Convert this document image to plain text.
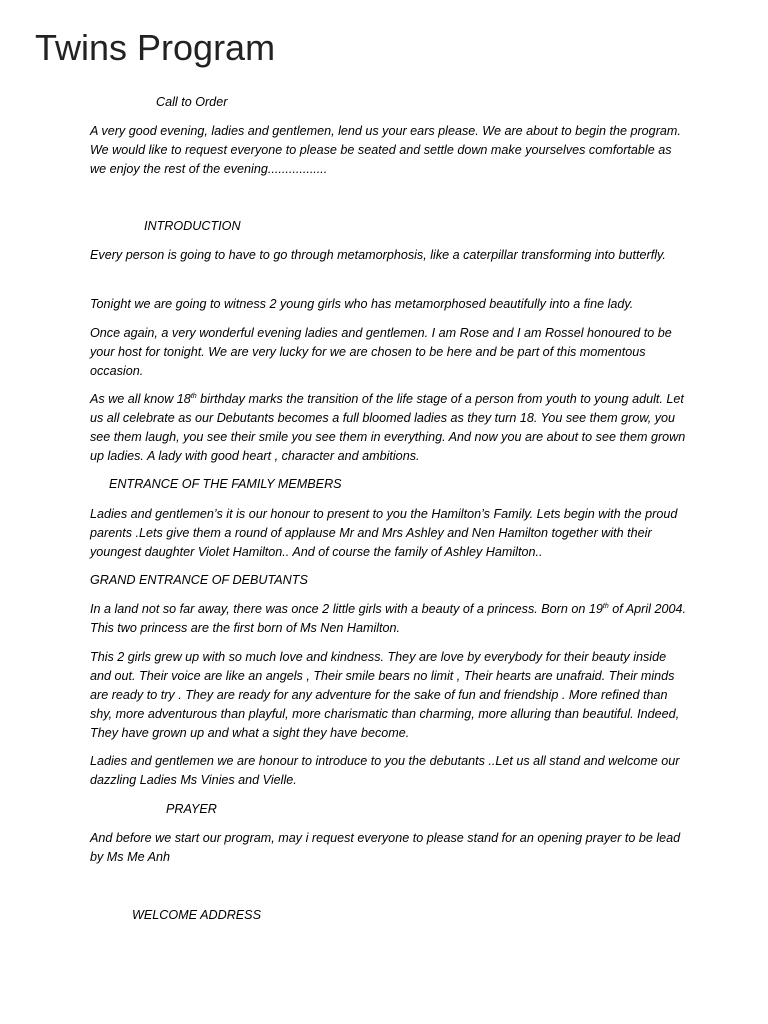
Twins Program

Call to Order

A very good evening, ladies and gentlemen, lend us your ears please. We are about to begin the program. We would like to request everyone to please be seated and settle down make yourselves comfortable as we enjoy the rest of the evening.................

INTRODUCTION

Every person is going to have to go through metamorphosis, like a caterpillar transforming into butterfly.

Tonight we are going to witness 2 young girls who has metamorphosed beautifully into a fine lady.

Once again, a very wonderful evening ladies and gentlemen. I am Rose and I am Rossel honoured to be your host for tonight. We are very lucky for we are chosen to be here and be part of this momentous occasion.

As we all know 18th birthday marks the transition of the life stage of a person from youth to young adult. Let us all celebrate as our Debutants becomes a full bloomed ladies as they turn 18. You see them grow, you see them laugh, you see their smile you see them in everything. And now you are about to see them grown up ladies. A lady with good heart , character and ambitions.

ENTRANCE OF THE FAMILY MEMBERS

Ladies and gentlemen’s it is our honour to present to you the Hamilton’s Family. Lets begin with the proud parents .Lets give them a round of applause Mr and Mrs Ashley and Nen Hamilton together with their youngest daughter Violet Hamilton.. And of course the family of Ashley Hamilton..

GRAND ENTRANCE OF DEBUTANTS

In a land not so far away, there was once 2 little girls with a beauty of a princess. Born on 19th of April 2004. This two princess are the first born of Ms Nen Hamilton.

This 2 girls grew up with so much love and kindness. They are love by everybody for their beauty inside and out. Their voice are like an angels , Their smile bears no limit , Their hearts are unafraid. Their minds are ready to try . They are ready for any adventure for the sake of fun and friendship . More refined than shy, more adventurous than playful, more charismatic than charming, more alluring than beautiful. Indeed, They have grown up and what a sight they have become.

Ladies and gentlemen we are honour to introduce to you the debutants ..Let us all stand and welcome our dazzling Ladies Ms Vinies and Vielle.

PRAYER

And before we start our program, may i request everyone to please stand for an opening prayer to be lead by Ms Me Anh

WELCOME ADDRESS
